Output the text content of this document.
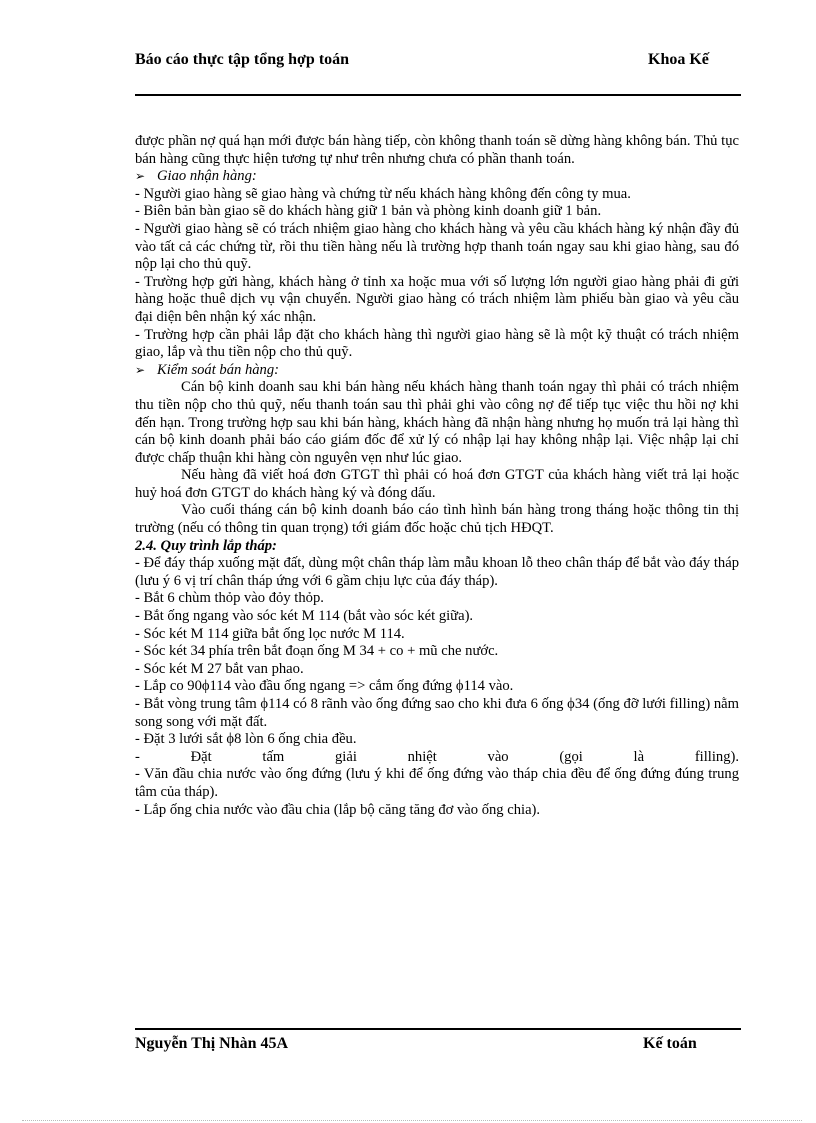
Báo cáo thực tập tổng hợp toán	Khoa Kế

được phần nợ quá hạn mới được bán hàng tiếp, còn không thanh toán sẽ dừng hàng không bán. Thủ tục bán hàng cũng thực hiện tương tự như trên nhưng chưa có phần thanh toán.

➢ Giao nhận hàng:

- Người giao hàng sẽ giao hàng và chứng từ nếu khách hàng không đến công ty mua.

- Biên bản bàn giao sẽ do khách hàng giữ 1 bản và phòng kinh doanh giữ 1 bản.

- Người giao hàng sẽ có trách nhiệm giao hàng cho khách hàng và yêu cầu khách hàng ký nhận đầy đủ vào tất cả các chứng từ, rồi thu tiền hàng nếu là trường hợp thanh toán ngay sau khi giao hàng, sau đó nộp lại cho thủ quỹ.

- Trường hợp gửi hàng, khách hàng ở tỉnh xa hoặc mua với số lượng lớn người giao hàng phải đi gửi hàng hoặc thuê dịch vụ vận chuyển. Người giao hàng có trách nhiệm làm phiếu bàn giao và yêu cầu đại diện bên nhận ký xác nhận.

- Trường hợp cần phải lắp đặt cho khách hàng thì người giao hàng sẽ là một kỹ thuật có trách nhiệm giao, lắp và thu tiền nộp cho thủ quỹ.

➢ Kiểm soát bán hàng:

Cán bộ kinh doanh sau khi bán hàng nếu khách hàng thanh toán ngay thì phải có trách nhiệm thu tiền nộp cho thủ quỹ, nếu thanh toán sau thì phải ghi vào công nợ để tiếp tục việc thu hồi nợ khi đến hạn. Trong trường hợp sau khi bán hàng, khách hàng đã nhận hàng nhưng họ muốn trả lại hàng thì cán bộ kinh doanh phải báo cáo giám đốc để xử lý có nhập lại hay không nhập lại. Việc nhập lại chỉ được chấp thuận khi hàng còn nguyên vẹn như lúc giao.

Nếu hàng đã viết hoá đơn GTGT thì phải có hoá đơn GTGT của khách hàng viết trả lại hoặc huỷ hoá đơn GTGT do khách hàng ký và đóng dấu.

Vào cuối tháng cán bộ kinh doanh báo cáo tình hình bán hàng trong tháng hoặc thông tin thị trường (nếu có thông tin quan trọng) tới giám đốc hoặc chủ tịch HĐQT.

2.4. Quy trình lắp tháp:

- Để đáy tháp xuống mặt đất, dùng một chân tháp làm mẫu khoan lỗ theo chân tháp để bắt vào đáy tháp (lưu ý 6 vị trí chân tháp ứng với 6 gầm chịu lực của đáy tháp).

- Bắt 6 chùm thỏp vào đỏy thỏp.

- Bắt ống ngang vào sóc két M 114 (bắt vào sóc két giữa).

- Sóc két M 114 giữa bắt ống lọc nước M 114.

- Sóc két 34 phía trên bắt đoạn ống M 34 + co + mũ che nước.

- Sóc két M 27 bắt van phao.

- Lắp co 90ϕ114 vào đầu ống ngang => cắm ống đứng ϕ114 vào.

- Bắt vòng trung tâm ϕ114 có 8 rãnh vào ống đứng sao cho khi đưa 6 ống ϕ34 (ống đỡ lưới filling) nằm song song với mặt đất.

- Đặt 3 lưới sắt ϕ8 lòn 6 ống chia đều.

- Đặt tấm giải nhiệt vào (gọi là filling).

- Văn đầu chia nước vào ống đứng (lưu ý khi để ống đứng vào tháp chia đều để ống đứng đúng trung tâm của tháp).

- Lắp ống chia nước vào đầu chia (lắp bộ căng tăng đơ vào ống chia).

Nguyễn Thị Nhàn 45A	Kế toán
